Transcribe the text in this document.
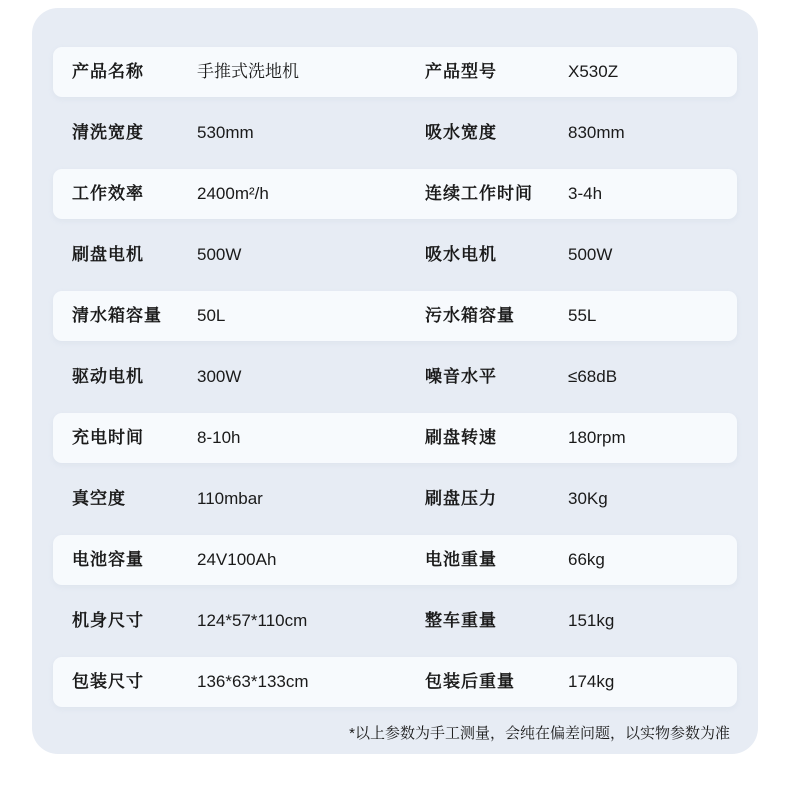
产品名称	手推式洗地机	产品型号	X530Z
清洗宽度	530mm	吸水宽度	830mm
工作效率	2400m²/h	连续工作时间 3-4h
刷盘电机	500W	吸水电机	500W
清水箱容量 50L	污水箱容量	55L
驱动电机	300W	噪音水平	≤68dB
充电时间	8-10h	刷盘转速	180rpm
真空度	110mbar	刷盘压力	30Kg
电池容量	24V100Ah	电池重量	66kg
机身尺寸	124*57*110cm	整车重量	151kg
包装尺寸	136*63*133cm	包装后重量	174kg
*以上参数为手工测量，会纯在偏差问题，以实物参数为准
